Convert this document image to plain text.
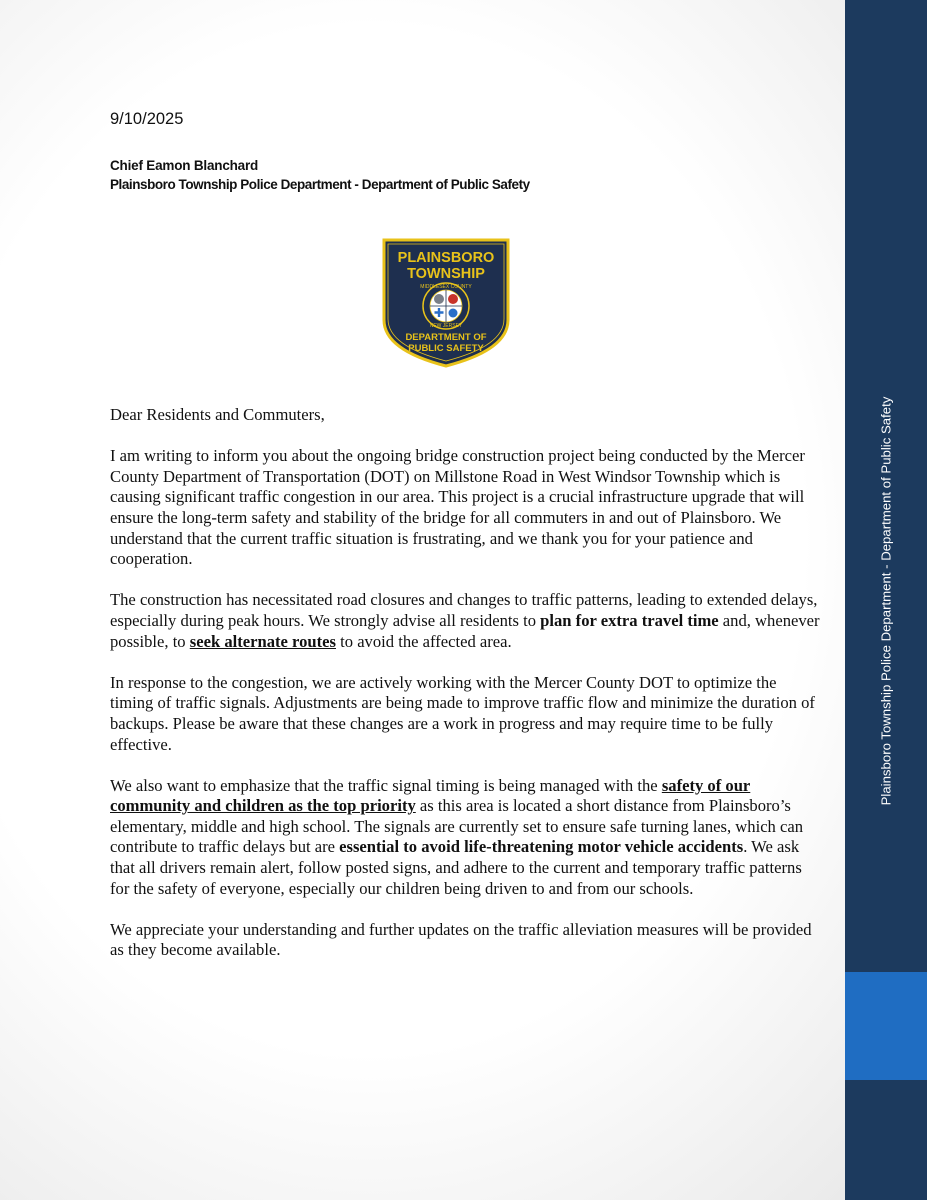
9/10/2025
Chief Eamon Blanchard
Plainsboro Township Police Department - Department of Public Safety
PLAINSBORO
TOWNSHIP
MIDDLESEX COUNTY
NEW JERSEY
DEPARTMENT OF
PUBLIC SAFETY

Dear Residents and Commuters,

I am writing to inform you about the ongoing bridge construction project being conducted by the Mercer County Department of Transportation (DOT) on Millstone Road in West Windsor Township which is causing significant traffic congestion in our area. This project is a crucial infrastructure upgrade that will ensure the long-term safety and stability of the bridge for all commuters in and out of Plainsboro. We understand that the current traffic situation is frustrating, and we thank you for your patience and cooperation.

The construction has necessitated road closures and changes to traffic patterns, leading to extended delays, especially during peak hours. We strongly advise all residents to plan for extra travel time and, whenever possible, to seek alternate routes to avoid the affected area.

In response to the congestion, we are actively working with the Mercer County DOT to optimize the timing of traffic signals. Adjustments are being made to improve traffic flow and minimize the duration of backups. Please be aware that these changes are a work in progress and may require time to be fully effective.

We also want to emphasize that the traffic signal timing is being managed with the safety of our community and children as the top priority as this area is located a short distance from Plainsboro’s elementary, middle and high school. The signals are currently set to ensure safe turning lanes, which can contribute to traffic delays but are essential to avoid life-threatening motor vehicle accidents. We ask that all drivers remain alert, follow posted signs, and adhere to the current and temporary traffic patterns for the safety of everyone, especially our children being driven to and from our schools.

We appreciate your understanding and further updates on the traffic alleviation measures will be provided as they become available.

Plainsboro Township Police Department - Department of Public Safety
